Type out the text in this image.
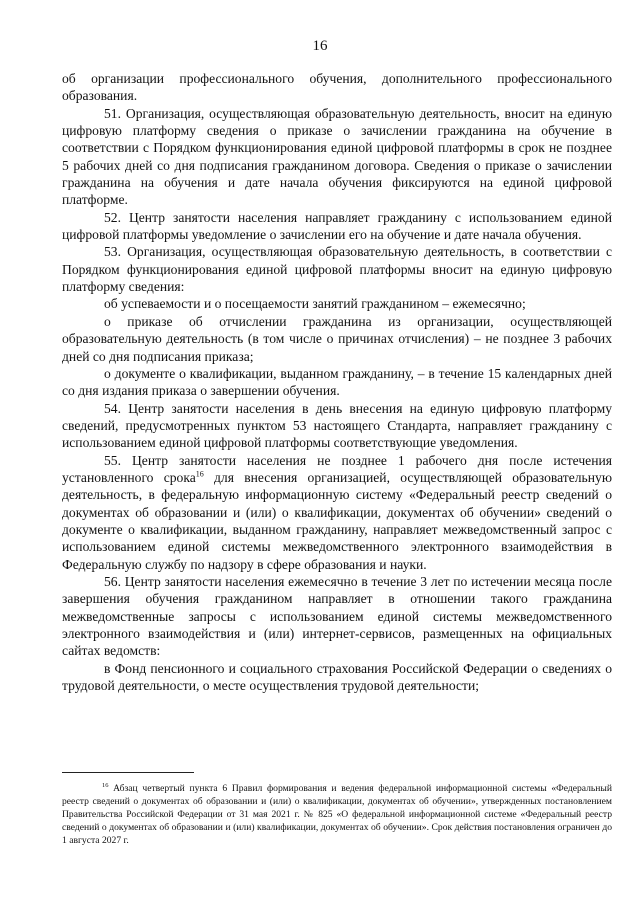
16

об организации профессионального обучения, дополнительного профессионального образования.

51. Организация, осуществляющая образовательную деятельность, вносит на единую цифровую платформу сведения о приказе о зачислении гражданина на обучение в соответствии с Порядком функционирования единой цифровой платформы в срок не позднее 5 рабочих дней со дня подписания гражданином договора. Сведения о приказе о зачислении гражданина на обучения и дате начала обучения фиксируются на единой цифровой платформе.

52. Центр занятости населения направляет гражданину с использованием единой цифровой платформы уведомление о зачислении его на обучение и дате начала обучения.

53. Организация, осуществляющая образовательную деятельность, в соответствии с Порядком функционирования единой цифровой платформы вносит на единую цифровую платформу сведения:

об успеваемости и о посещаемости занятий гражданином – ежемесячно;

о приказе об отчислении гражданина из организации, осуществляющей образовательную деятельность (в том числе о причинах отчисления) – не позднее 3 рабочих дней со дня подписания приказа;

о документе о квалификации, выданном гражданину, – в течение 15 календарных дней со дня издания приказа о завершении обучения.

54. Центр занятости населения в день внесения на единую цифровую платформу сведений, предусмотренных пунктом 53 настоящего Стандарта, направляет гражданину с использованием единой цифровой платформы соответствующие уведомления.

55. Центр занятости населения не позднее 1 рабочего дня после истечения установленного срока$^{16}$ для внесения организацией, осуществляющей образовательную деятельность, в федеральную информационную систему «Федеральный реестр сведений о документах об образовании и (или) о квалификации, документах об обучении» сведений о документе о квалификации, выданном гражданину, направляет межведомственный запрос с использованием единой системы межведомственного электронного взаимодействия в Федеральную службу по надзору в сфере образования и науки.

56. Центр занятости населения ежемесячно в течение 3 лет по истечении месяца после завершения обучения гражданином направляет в отношении такого гражданина межведомственные запросы с использованием единой системы межведомственного электронного взаимодействия и (или) интернет-сервисов, размещенных на официальных сайтах ведомств:

в Фонд пенсионного и социального страхования Российской Федерации о сведениях о трудовой деятельности, о месте осуществления трудовой деятельности;

$^{16}$ Абзац четвертый пункта 6 Правил формирования и ведения федеральной информационной системы «Федеральный реестр сведений о документах об образовании и (или) о квалификации, документах об обучении», утвержденных постановлением Правительства Российской Федерации от 31 мая 2021 г. № 825 «О федеральной информационной системе «Федеральный реестр сведений о документах об образовании и (или) квалификации, документах об обучении». Срок действия постановления ограничен до 1 августа 2027 г.
